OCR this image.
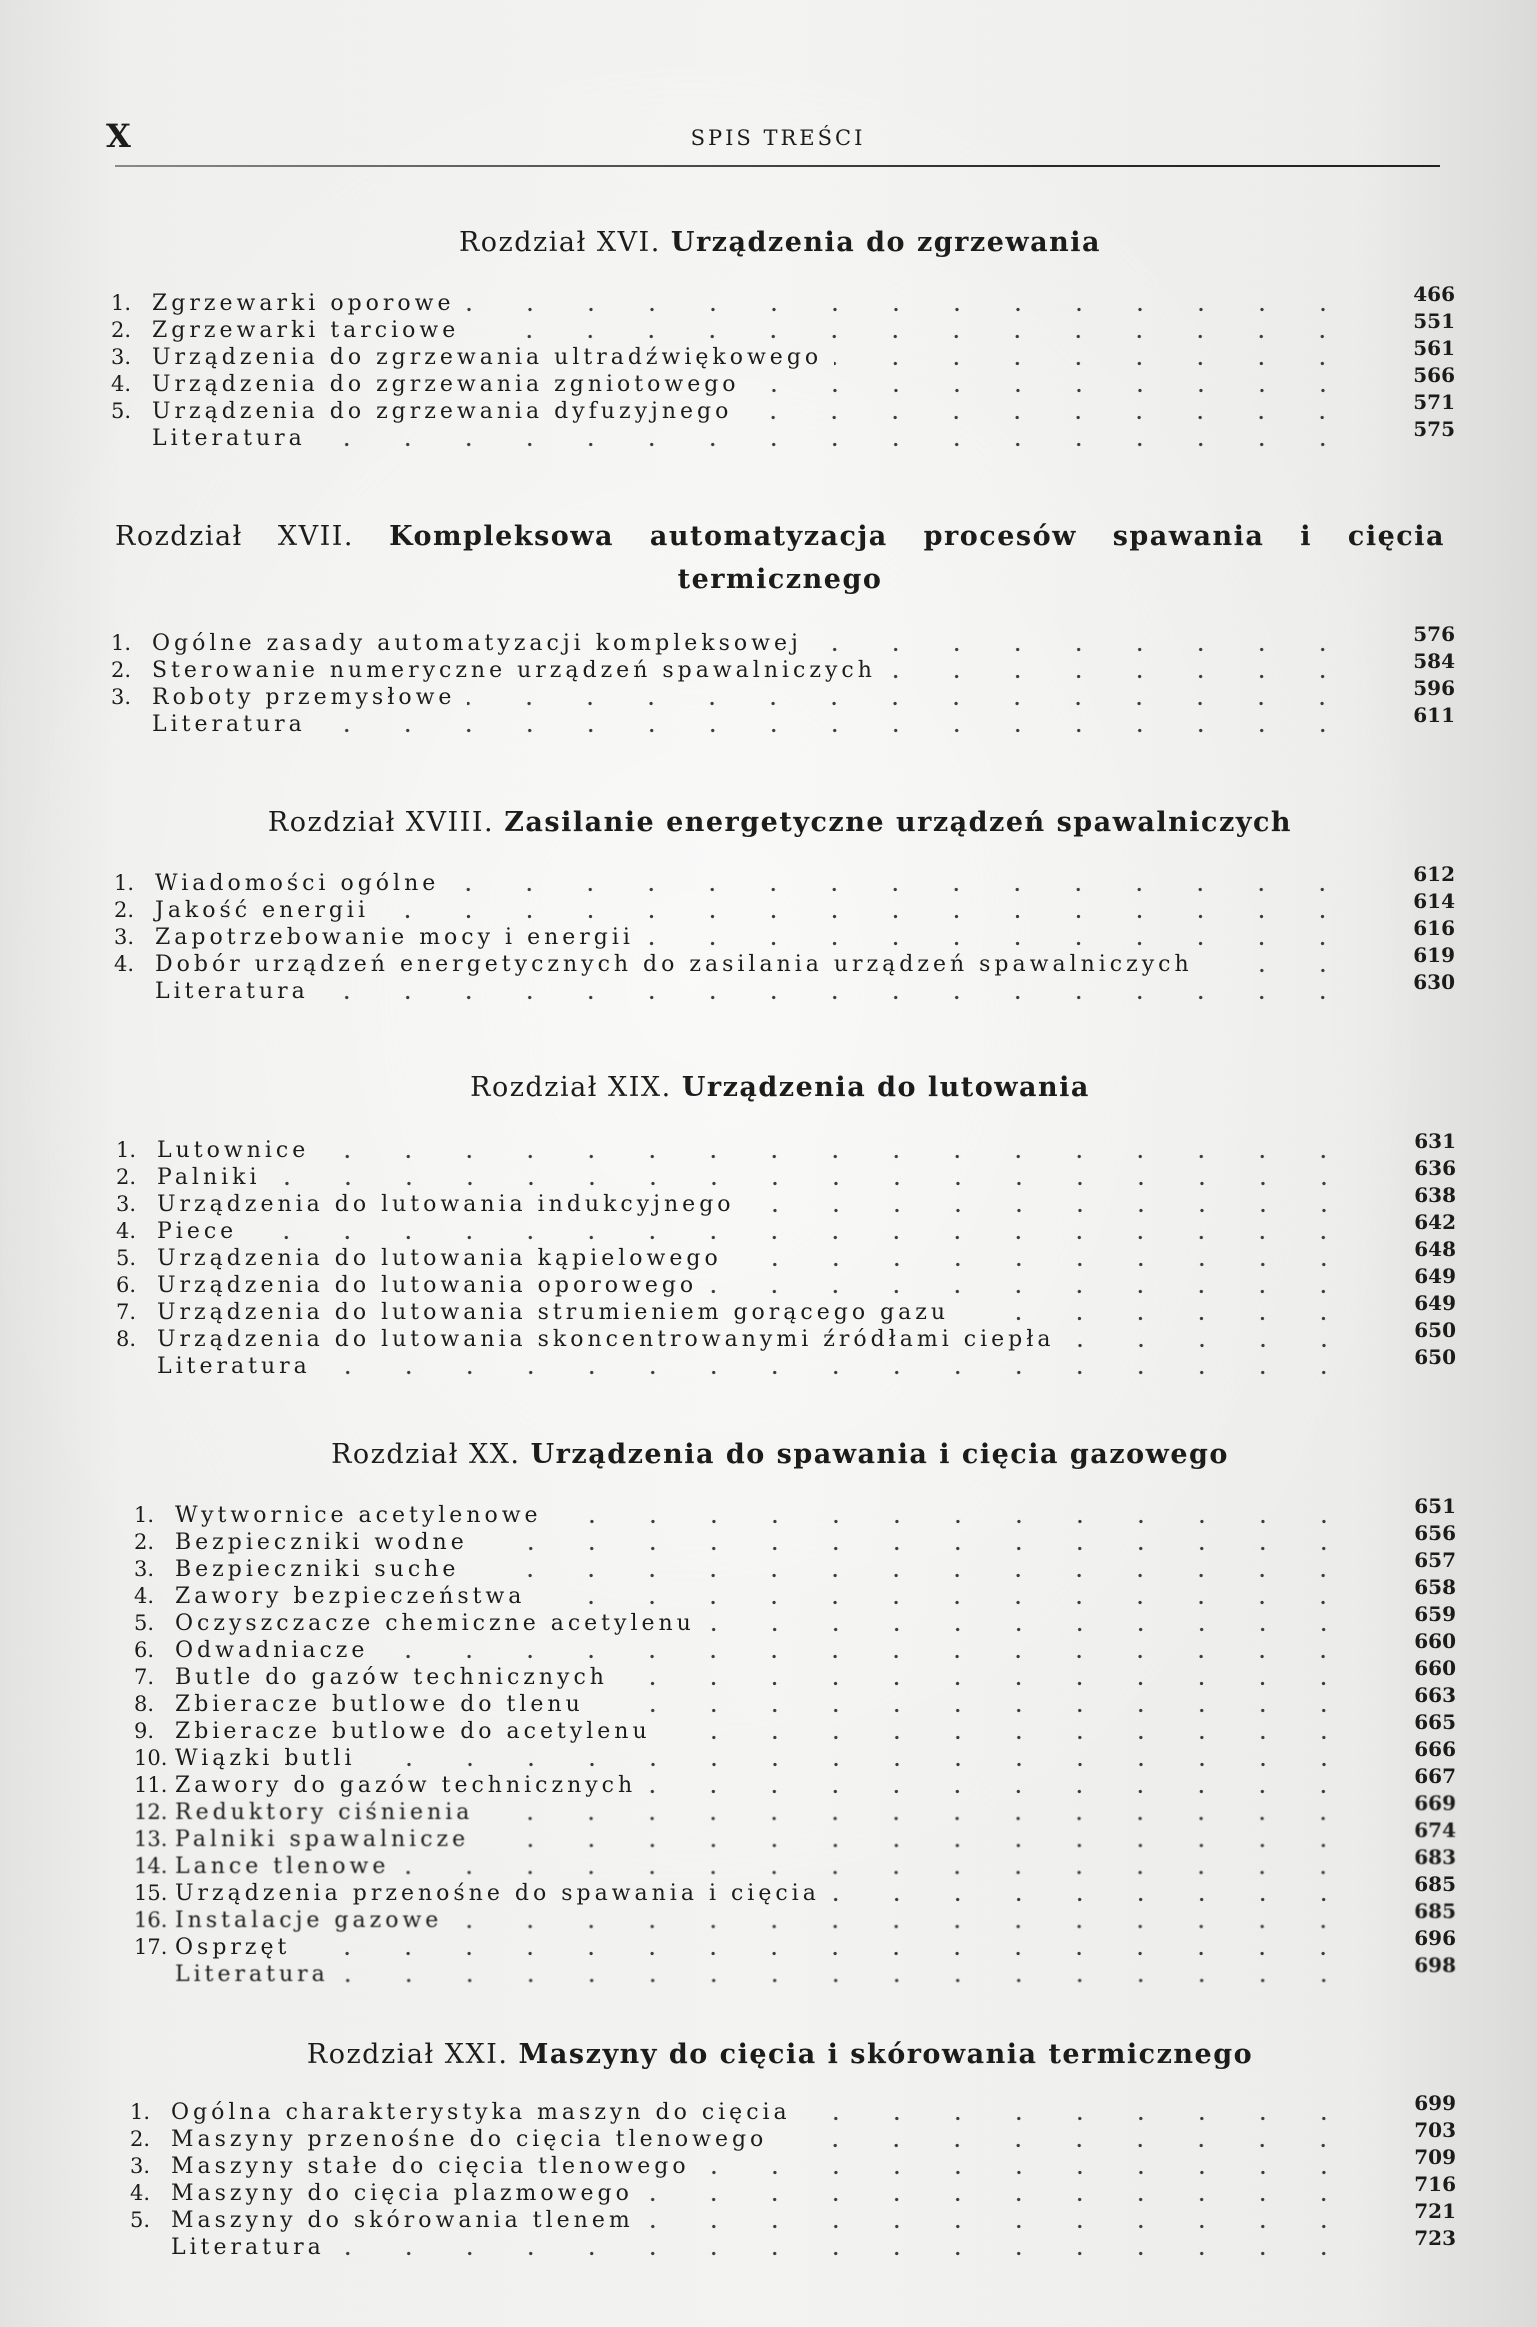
X	SPIS TREŚCI
Rozdział XVI. Urządzenia do zgrzewania
1. Zgrzewarki oporowe	466
2. Zgrzewarki tarciowe	551
3. Urządzenia do zgrzewania ultradźwiękowego	561
4. Urządzenia do zgrzewania zgniotowego	566
5. Urządzenia do zgrzewania dyfuzyjnego	571
Literatura	575
Rozdział XVII. Kompleksowa automatyzacja procesów spawania i cięcia
termicznego
1. Ogólne zasady automatyzacji kompleksowej	576
2. Sterowanie numeryczne urządzeń spawalniczych	584
3. Roboty przemysłowe	596
Literatura	611
Rozdział XVIII. Zasilanie energetyczne urządzeń spawalniczych
1. Wiadomości ogólne	612
2. Jakość energii	614
3. Zapotrzebowanie mocy i energii	616
4. Dobór urządzeń energetycznych do zasilania urządzeń spawalniczych	619
Literatura	630
Rozdział XIX. Urządzenia do lutowania
1. Lutownice	631
2. Palniki	636
3. Urządzenia do lutowania indukcyjnego	638
4. Piece	642
5. Urządzenia do lutowania kąpielowego	648
6. Urządzenia do lutowania oporowego	649
7. Urządzenia do lutowania strumieniem gorącego gazu	649
8. Urządzenia do lutowania skoncentrowanymi źródłami ciepła	650
Literatura	650
Rozdział XX. Urządzenia do spawania i cięcia gazowego
1. Wytwornice acetylenowe	651
2. Bezpieczniki wodne	656
3. Bezpieczniki suche	657
4. Zawory bezpieczeństwa	658
5. Oczyszczacze chemiczne acetylenu	659
6. Odwadniacze	660
7. Butle do gazów technicznych	660
8. Zbieracze butlowe do tlenu	663
9. Zbieracze butlowe do acetylenu	665
10. Wiązki butli	666
11. Zawory do gazów technicznych	667
12. Reduktory ciśnienia	669
13. Palniki spawalnicze	674
14. Lance tlenowe	683
15. Urządzenia przenośne do spawania i cięcia	685
16. Instalacje gazowe	685
17. Osprzęt	696
Literatura	698
Rozdział XXI. Maszyny do cięcia i skórowania termicznego
1. Ogólna charakterystyka maszyn do cięcia	699
2. Maszyny przenośne do cięcia tlenowego	703
3. Maszyny stałe do cięcia tlenowego	709
4. Maszyny do cięcia plazmowego	716
5. Maszyny do skórowania tlenem	721
Literatura	723
